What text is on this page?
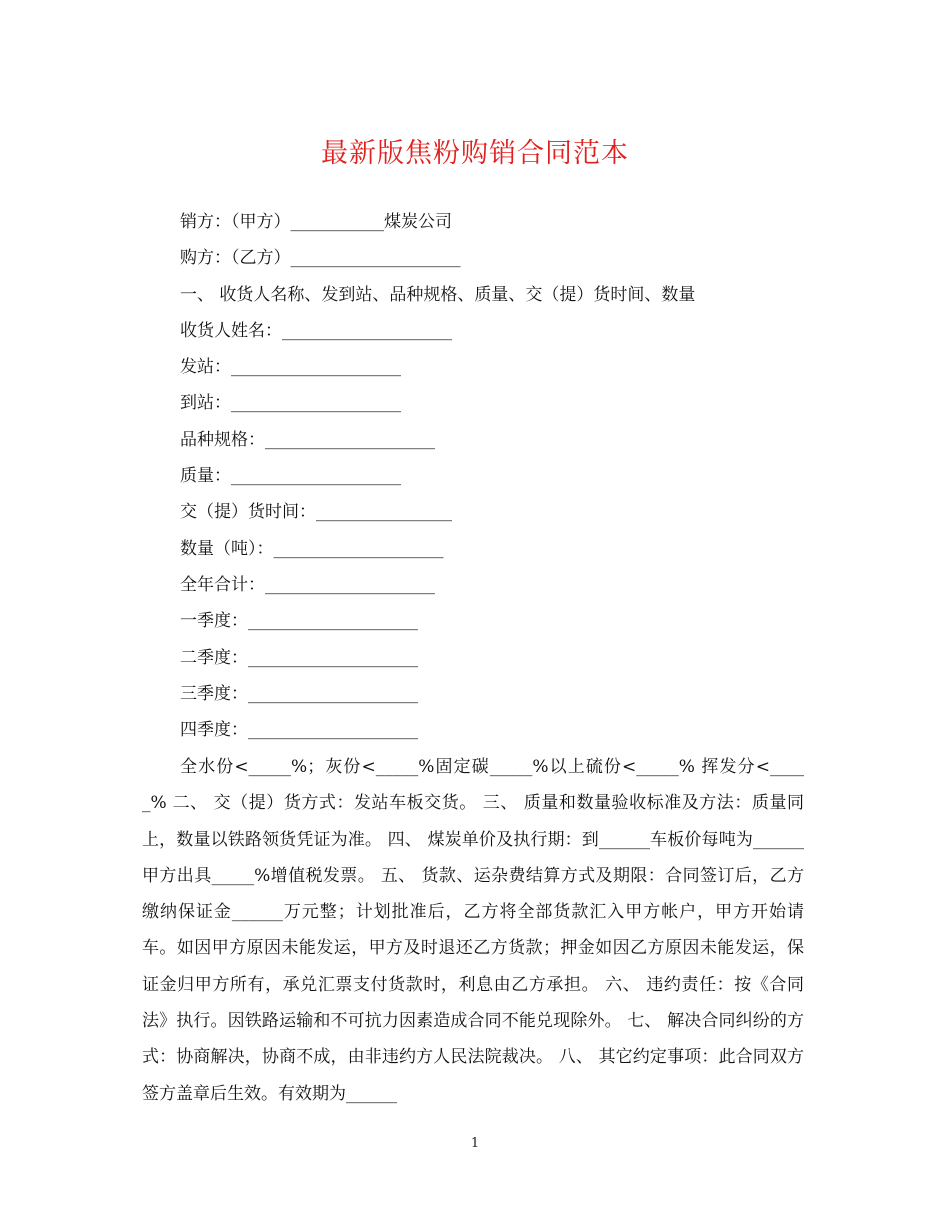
最新版焦粉购销合同范本
销方：（甲方）___________煤炭公司
购方：（乙方）____________________
一、 收货人名称、发到站、品种规格、质量、交（提）货时间、数量
收货人姓名：____________________
发站：____________________
到站：____________________
品种规格：____________________
质量：____________________
交（提）货时间：________________
数量（吨）：____________________
全年合计：____________________
一季度：____________________
二季度：____________________
三季度：____________________
四季度：____________________
全水份<_____%；灰份<_____%固定碳_____%以上硫份<_____% 挥发分<_____% 二、 交（提）货方式：发站车板交货。 三、 质量和数量验收标准及方法：质量同上，数量以铁路领货凭证为准。 四、 煤炭单价及执行期：到______车板价每吨为______甲方出具_____%增值税发票。 五、 货款、运杂费结算方式及期限：合同签订后，乙方缴纳保证金______万元整；计划批准后，乙方将全部货款汇入甲方帐户，甲方开始请车。如因甲方原因未能发运，甲方及时退还乙方货款；押金如因乙方原因未能发运，保证金归甲方所有，承兑汇票支付货款时，利息由乙方承担。 六、 违约责任：按《合同法》执行。因铁路运输和不可抗力因素造成合同不能兑现除外。 七、 解决合同纠纷的方式：协商解决，协商不成，由非违约方人民法院裁决。 八、 其它约定事项：此合同双方签方盖章后生效。有效期为______
1
